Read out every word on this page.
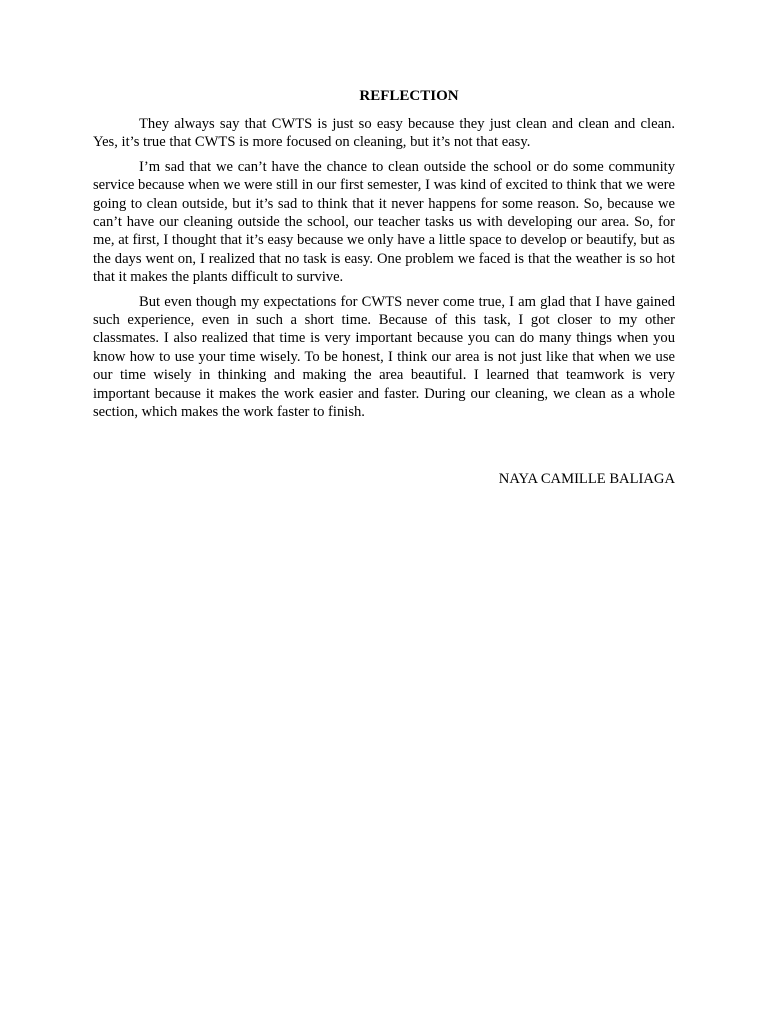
REFLECTION

They always say that CWTS is just so easy because they just clean and clean and clean. Yes, it’s true that CWTS is more focused on cleaning, but it’s not that easy.

I’m sad that we can’t have the chance to clean outside the school or do some community service because when we were still in our first semester, I was kind of excited to think that we were going to clean outside, but it’s sad to think that it never happens for some reason. So, because we can’t have our cleaning outside the school, our teacher tasks us with developing our area. So, for me, at first, I thought that it’s easy because we only have a little space to develop or beautify, but as the days went on, I realized that no task is easy. One problem we faced is that the weather is so hot that it makes the plants difficult to survive.

But even though my expectations for CWTS never come true, I am glad that I have gained such experience, even in such a short time. Because of this task, I got closer to my other classmates. I also realized that time is very important because you can do many things when you know how to use your time wisely. To be honest, I think our area is not just like that when we use our time wisely in thinking and making the area beautiful. I learned that teamwork is very important because it makes the work easier and faster. During our cleaning, we clean as a whole section, which makes the work faster to finish.

NAYA CAMILLE BALIAGA
